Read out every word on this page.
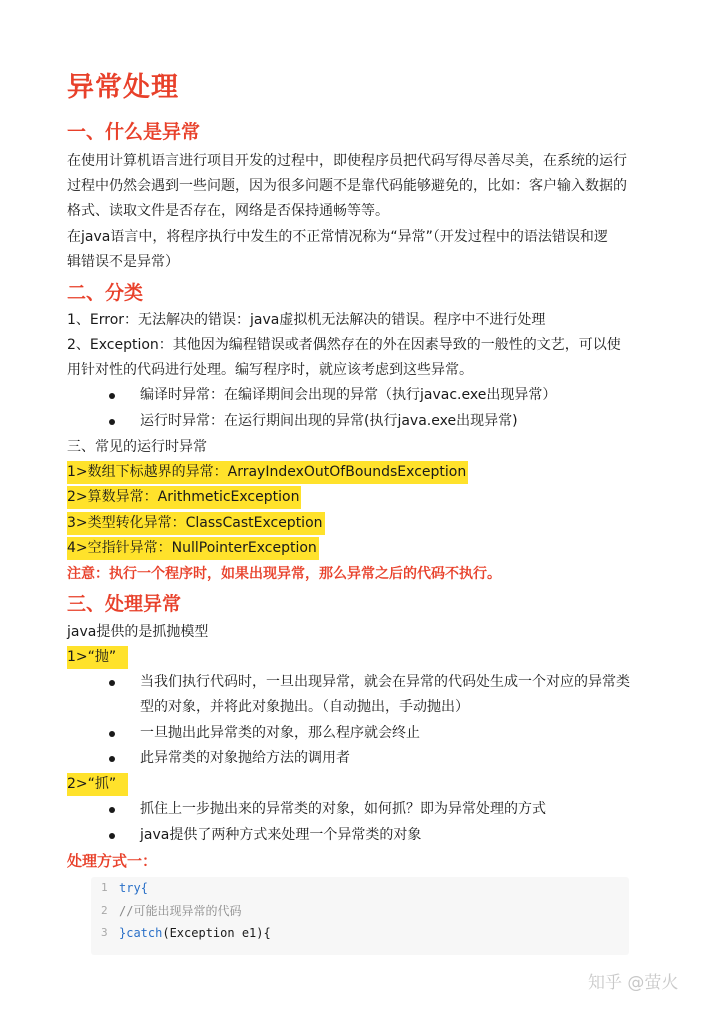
异常处理
一、什么是异常
在使用计算机语言进行项目开发的过程中，即使程序员把代码写得尽善尽美，在系统的运行
过程中仍然会遇到一些问题，因为很多问题不是靠代码能够避免的，比如：客户输入数据的
格式、读取文件是否存在，网络是否保持通畅等等。
在java语言中，将程序执行中发生的不正常情况称为“异常”（开发过程中的语法错误和逻
辑错误不是异常）
二、分类
1、Error：无法解决的错误：java虚拟机无法解决的错误。程序中不进行处理
2、Exception：其他因为编程错误或者偶然存在的外在因素导致的一般性的文艺，可以使
用针对性的代码进行处理。编写程序时，就应该考虑到这些异常。
编译时异常：在编译期间会出现的异常（执行javac.exe出现异常）
运行时异常：在运行期间出现的异常(执行java.exe出现异常)
三、常见的运行时异常
1>数组下标越界的异常：ArrayIndexOutOfBoundsException
2>算数异常：ArithmeticException
3>类型转化异常：ClassCastException
4>空指针异常：NullPointerException
注意：执行一个程序时，如果出现异常，那么异常之后的代码不执行。
三、处理异常
java提供的是抓抛模型
1>“抛”
当我们执行代码时，一旦出现异常，就会在异常的代码处生成一个对应的异常类
型的对象，并将此对象抛出。（自动抛出，手动抛出）
一旦抛出此异常类的对象，那么程序就会终止
此异常类的对象抛给方法的调用者
2>“抓”
抓住上一步抛出来的异常类的对象，如何抓？即为异常处理的方式
java提供了两种方式来处理一个异常类的对象
处理方式一：
1 try{
2 //可能出现异常的代码
3 }catch(Exception e1){
知乎 @萤火
